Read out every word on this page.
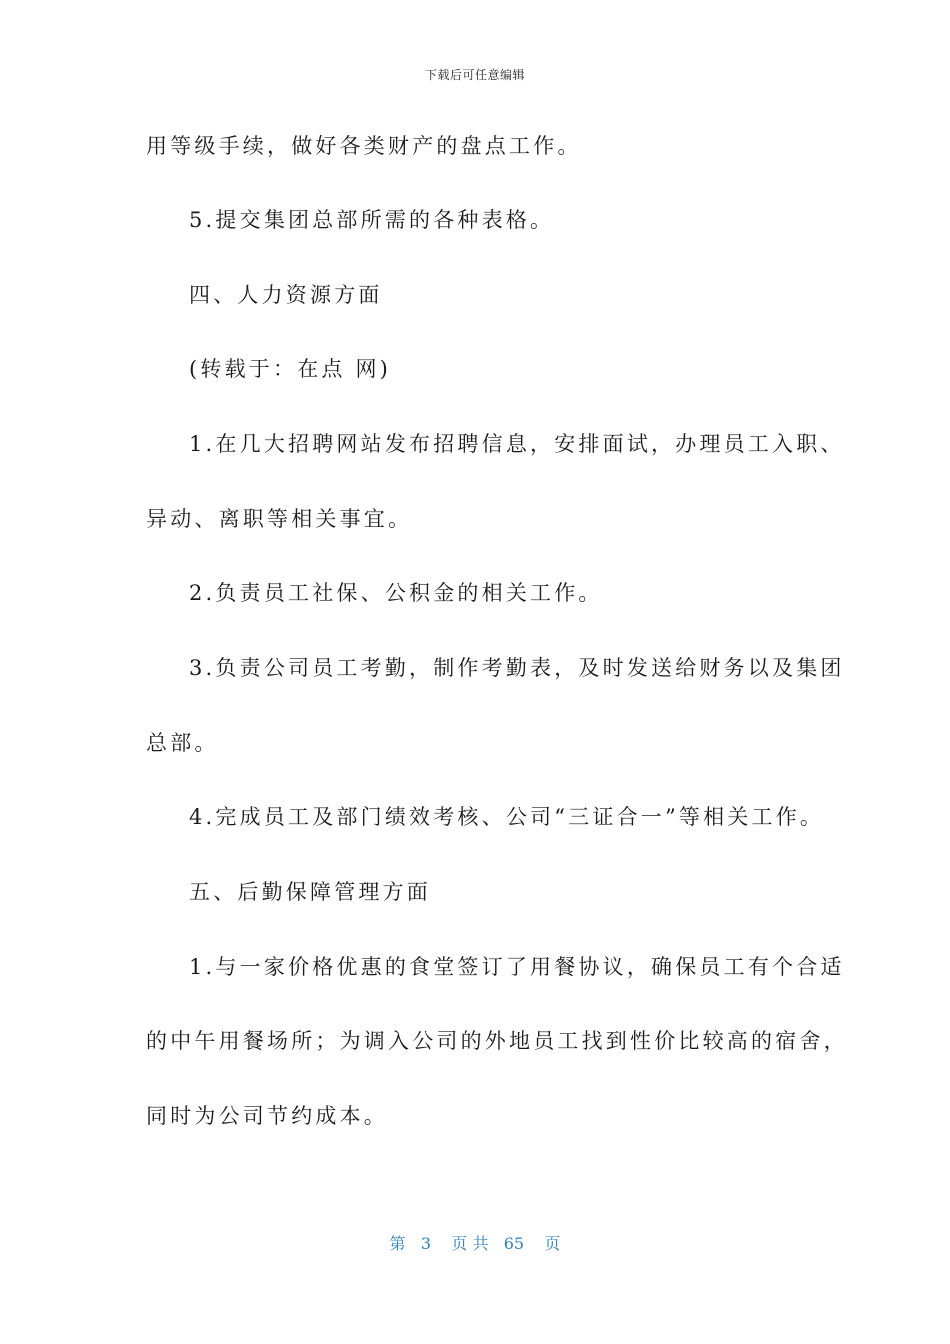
下载后可任意编辑
用等级手续，做好各类财产的盘点工作。
5.提交集团总部所需的各种表格。
四、人力资源方面
(转载于：在点 网)
1.在几大招聘网站发布招聘信息，安排面试，办理员工入职、
异动、离职等相关事宜。
2.负责员工社保、公积金的相关工作。
3.负责公司员工考勤，制作考勤表，及时发送给财务以及集团
总部。
4.完成员工及部门绩效考核、公司“三证合一”等相关工作。
五、后勤保障管理方面
1.与一家价格优惠的食堂签订了用餐协议，确保员工有个合适
的中午用餐场所；为调入公司的外地员工找到性价比较高的宿舍，
同时为公司节约成本。
第 3 页 共 65 页
